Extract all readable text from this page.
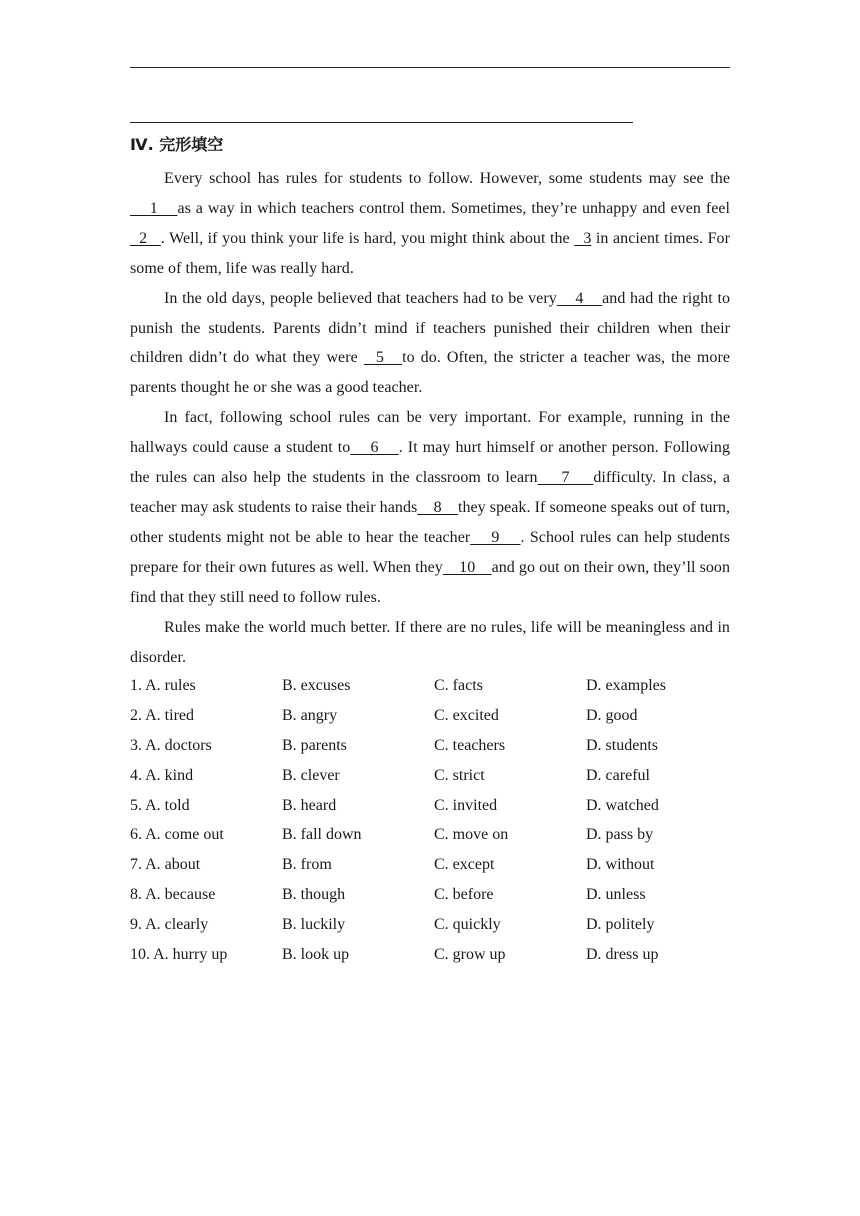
Ⅳ. 完形填空

Every school has rules for students to follow. However, some students may see the    1    as a way in which teachers control them. Sometimes, they’re unhappy and even feel   2   . Well, if you think your life is hard, you might think about the   3 in ancient times. For some of them, life was really hard.

In the old days, people believed that teachers had to be very    4    and had the right to punish the students. Parents didn’t mind if teachers punished their children when their children didn’t do what they were   5   to do. Often, the stricter a teacher was, the more parents thought he or she was a good teacher.

In fact, following school rules can be very important. For example, running in the hallways could cause a student to    6    . It may hurt himself or another person. Following the rules can also help the students in the classroom to learn    7    difficulty. In class, a teacher may ask students to raise their hands    8    they speak. If someone speaks out of turn, other students might not be able to hear the teacher    9    . School rules can help students prepare for their own futures as well. When they    10    and go out on their own, they’ll soon find that they still need to follow rules.

Rules make the world much better. If there are no rules, life will be meaningless and in disorder.

1. A. rules	B. excuses	C. facts	D. examples
2. A. tired	B. angry	C. excited	D. good
3. A. doctors	B. parents	C. teachers	D. students
4. A. kind	B. clever	C. strict	D. careful
5. A. told	B. heard	C. invited	D. watched
6. A. come out	B. fall down	C. move on	D. pass by
7. A. about	B. from	C. except	D. without
8. A. because	B. though	C. before	D. unless
9. A. clearly	B. luckily	C. quickly	D. politely
10. A. hurry up	B. look up	C. grow up	D. dress up
